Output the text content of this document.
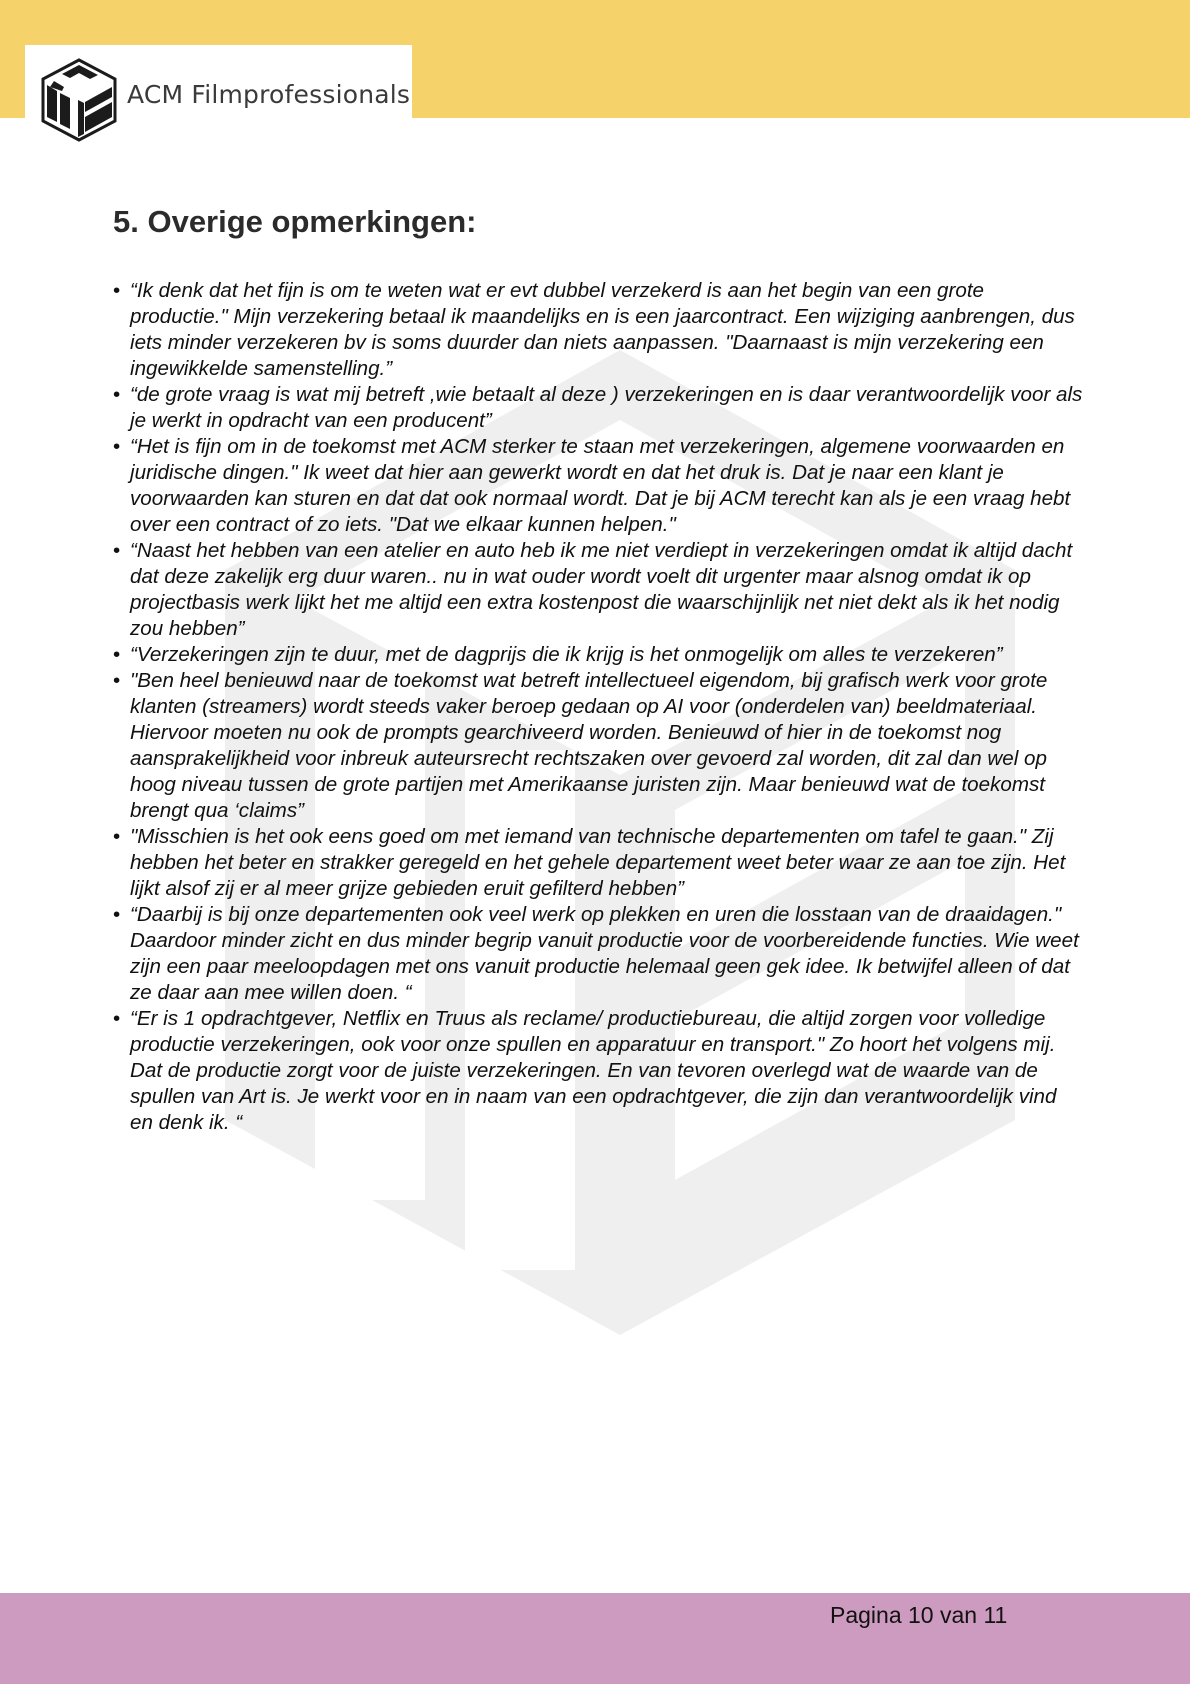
ACM Filmprofessionals
5. Overige opmerkingen:
• “Ik denk dat het fijn is om te weten wat er evt dubbel verzekerd is aan het begin van een grote productie." Mijn verzekering betaal ik maandelijks en is een jaarcontract. Een wijziging aanbrengen, dus iets minder verzekeren bv is soms duurder dan niets aanpassen. "Daarnaast is mijn verzekering een ingewikkelde samenstelling.”
• “de grote vraag is wat mij betreft ,wie betaalt al deze ) verzekeringen en is daar verantwoordelijk voor als je werkt in opdracht van een producent”
• “Het is fijn om in de toekomst met ACM sterker te staan met verzekeringen, algemene voorwaarden en juridische dingen." Ik weet dat hier aan gewerkt wordt en dat het druk is. Dat je naar een klant je voorwaarden kan sturen en dat dat ook normaal wordt. Dat je bij ACM terecht kan als je een vraag hebt over een contract of zo iets. "Dat we elkaar kunnen helpen."
• “Naast het hebben van een atelier en auto heb ik me niet verdiept in verzekeringen omdat ik altijd dacht dat deze zakelijk erg duur waren.. nu in wat ouder wordt voelt dit urgenter maar alsnog omdat ik op projectbasis werk lijkt het me altijd een extra kostenpost die waarschijnlijk net niet dekt als ik het nodig zou hebben”
• “Verzekeringen zijn te duur, met de dagprijs die ik krijg is het onmogelijk om alles te verzekeren”
• "Ben heel benieuwd naar de toekomst wat betreft intellectueel eigendom, bij grafisch werk voor grote klanten (streamers) wordt steeds vaker beroep gedaan op AI voor (onderdelen van) beeldmateriaal. Hiervoor moeten nu ook de prompts gearchiveerd worden. Benieuwd of hier in de toekomst nog aansprakelijkheid voor inbreuk auteursrecht rechtszaken over gevoerd zal worden, dit zal dan wel op hoog niveau tussen de grote partijen met Amerikaanse juristen zijn. Maar benieuwd wat de toekomst brengt qua ‘claims”
• "Misschien is het ook eens goed om met iemand van technische departementen om tafel te gaan." Zij hebben het beter en strakker geregeld en het gehele departement weet beter waar ze aan toe zijn. Het lijkt alsof zij er al meer grijze gebieden eruit gefilterd hebben”
• “Daarbij is bij onze departementen ook veel werk op plekken en uren die losstaan van de draaidagen." Daardoor minder zicht en dus minder begrip vanuit productie voor de voorbereidende functies. Wie weet zijn een paar meeloopdagen met ons vanuit productie helemaal geen gek idee. Ik betwijfel alleen of dat ze daar aan mee willen doen. “
• “Er is 1 opdrachtgever, Netflix en Truus als reclame/ productiebureau, die altijd zorgen voor volledige productie verzekeringen, ook voor onze spullen en apparatuur en transport." Zo hoort het volgens mij. Dat de productie zorgt voor de juiste verzekeringen. En van tevoren overlegd wat de waarde van de spullen van Art is. Je werkt voor en in naam van een opdrachtgever, die zijn dan verantwoordelijk vind en denk ik. “
Pagina 10 van 11
